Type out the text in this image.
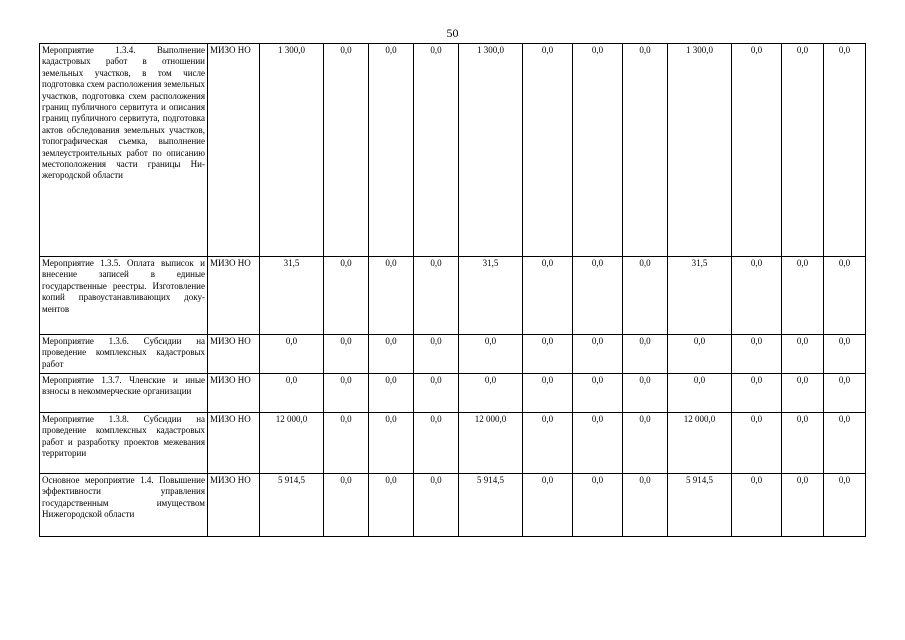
50
Мероприятие 1.3.4. Выполнение кадастровых работ в отношении земельных участков, в том числе подготовка схем расположения земельных участков, подготовка схем расположения границ публичного сервитута и описания границ публичного сервитута, подготовка актов обследования земельных участков, топографическая съемка, выполнение землеустроительных работ по описанию местоположения части границы Нижегородской области	МИЗО НО	1 300,0	0,0	0,0	0,0	1 300,0	0,0	0,0	0,0	1 300,0	0,0	0,0	0,0
Мероприятие 1.3.5. Оплата выписок и внесение записей в единые государственные реестры. Изготовление копий правоустанавливающих документов	МИЗО НО	31,5	0,0	0,0	0,0	31,5	0,0	0,0	0,0	31,5	0,0	0,0	0,0
Мероприятие 1.3.6. Субсидии на проведение комплексных кадастровых работ	МИЗО НО	0,0	0,0	0,0	0,0	0,0	0,0	0,0	0,0	0,0	0,0	0,0	0,0
Мероприятие 1.3.7. Членские и иные взносы в некоммерческие организации	МИЗО НО	0,0	0,0	0,0	0,0	0,0	0,0	0,0	0,0	0,0	0,0	0,0	0,0
Мероприятие 1.3.8. Субсидии на проведение комплексных кадастровых работ и разработку проектов межевания территории	МИЗО НО	12 000,0	0,0	0,0	0,0	12 000,0	0,0	0,0	0,0	12 000,0	0,0	0,0	0,0
Основное мероприятие 1.4. Повышение эффективности управления государственным имуществом Нижегородской области	МИЗО НО	5 914,5	0,0	0,0	0,0	5 914,5	0,0	0,0	0,0	5 914,5	0,0	0,0	0,0
